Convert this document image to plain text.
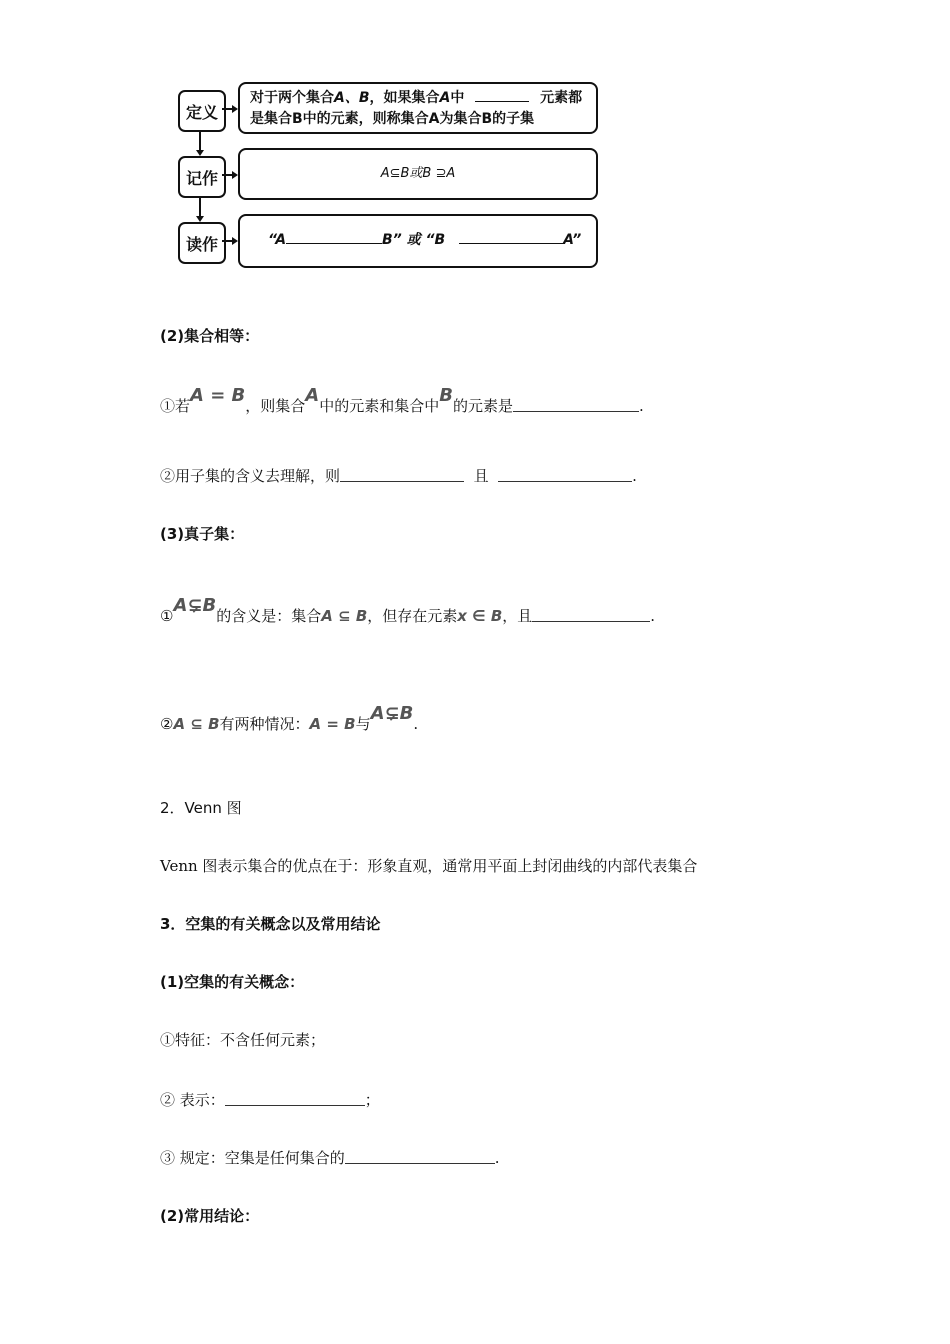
定义
记作
读作
对于两个集合A、B，如果集合A中	元素都
是集合B中的元素，则称集合A为集合B的子集
A⊆B或B ⊇A
“A	B” 或 “B	A”
(2)集合相等：
①若A = B，则集合A中的元素和集合中B的元素是	.
②用子集的含义去理解，则	且	.
(3)真子集：
①A⊊B的含义是：集合A ⊆ B，但存在元素x ∈ B，且	.
②A ⊆ B有两种情况：A = B与A⊊B.
2．Venn 图
Venn 图表示集合的优点在于：形象直观，通常用平面上封闭曲线的内部代表集合
3．空集的有关概念以及常用结论
(1)空集的有关概念：
①特征：不含任何元素；
② 表示：	；
③ 规定：空集是任何集合的	.
(2)常用结论：
